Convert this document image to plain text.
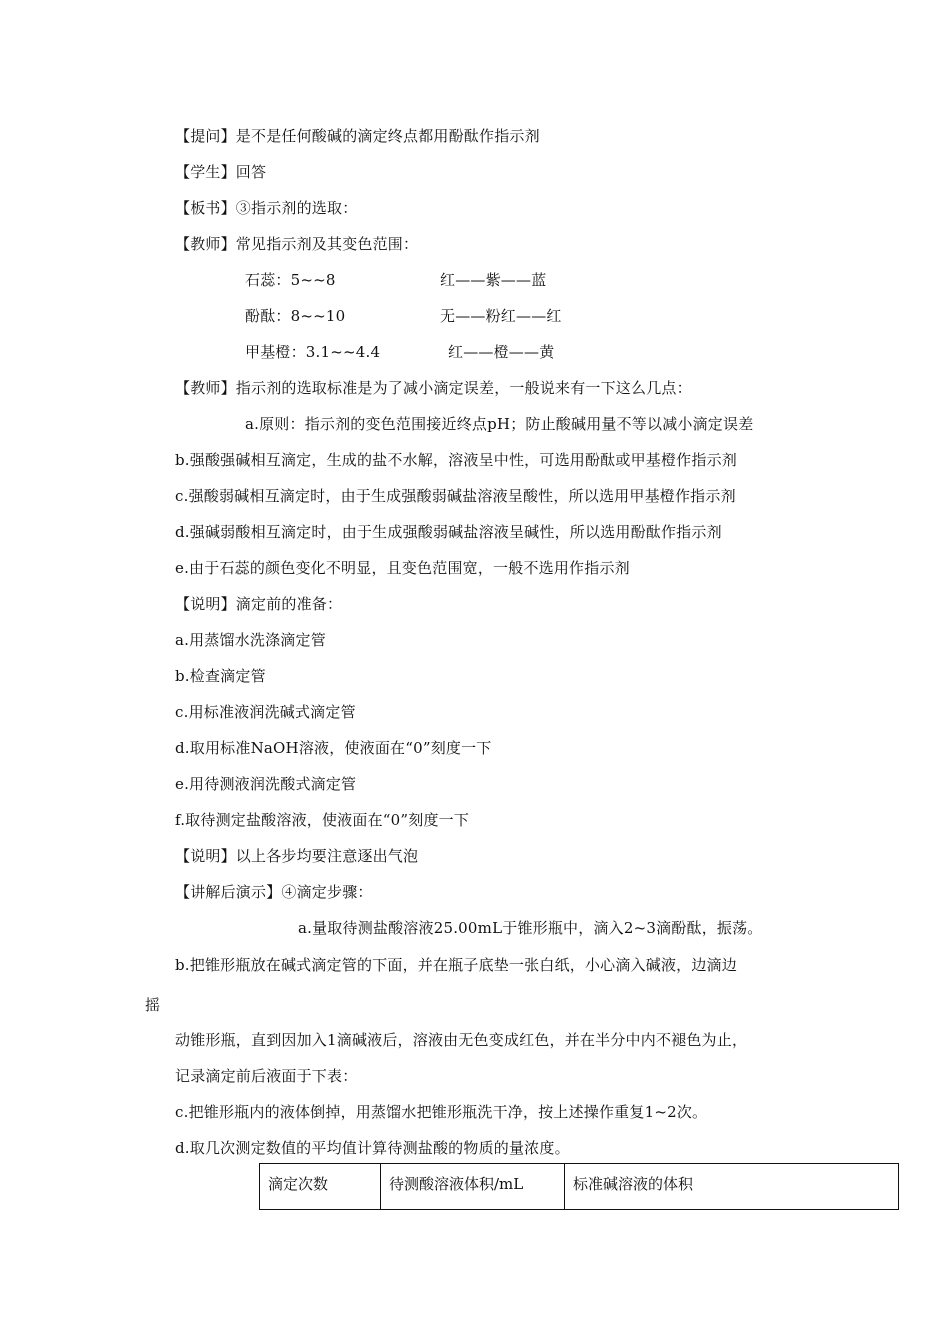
【提问】是不是任何酸碱的滴定终点都用酚酞作指示剂
【学生】回答
【板书】③指示剂的选取：
【教师】常见指示剂及其变色范围：
石蕊：5~~8	红——紫——蓝
酚酞：8~~10	无——粉红——红
甲基橙：3.1~~4.4	红——橙——黄
【教师】指示剂的选取标准是为了减小滴定误差，一般说来有一下这么几点：
a.原则：指示剂的变色范围接近终点pH；防止酸碱用量不等以减小滴定误差
b.强酸强碱相互滴定，生成的盐不水解，溶液呈中性，可选用酚酞或甲基橙作指示剂
c.强酸弱碱相互滴定时，由于生成强酸弱碱盐溶液呈酸性，所以选用甲基橙作指示剂
d.强碱弱酸相互滴定时，由于生成强酸弱碱盐溶液呈碱性，所以选用酚酞作指示剂
e.由于石蕊的颜色变化不明显，且变色范围宽，一般不选用作指示剂
【说明】滴定前的准备：
a.用蒸馏水洗涤滴定管
b.检查滴定管
c.用标准液润洗碱式滴定管
d.取用标准NaOH溶液，使液面在“0”刻度一下
e.用待测液润洗酸式滴定管
f.取待测定盐酸溶液，使液面在“0”刻度一下
【说明】以上各步均要注意逐出气泡
【讲解后演示】④滴定步骤：
a.量取待测盐酸溶液25.00mL于锥形瓶中，滴入2~3滴酚酞，振荡。
b.把锥形瓶放在碱式滴定管的下面，并在瓶子底垫一张白纸，小心滴入碱液，边滴边
摇
动锥形瓶，直到因加入1滴碱液后，溶液由无色变成红色，并在半分中内不褪色为止，
记录滴定前后液面于下表：
c.把锥形瓶内的液体倒掉，用蒸馏水把锥形瓶洗干净，按上述操作重复1~2次。
d.取几次测定数值的平均值计算待测盐酸的物质的量浓度。
滴定次数	待测酸溶液体积/mL	标准碱溶液的体积
